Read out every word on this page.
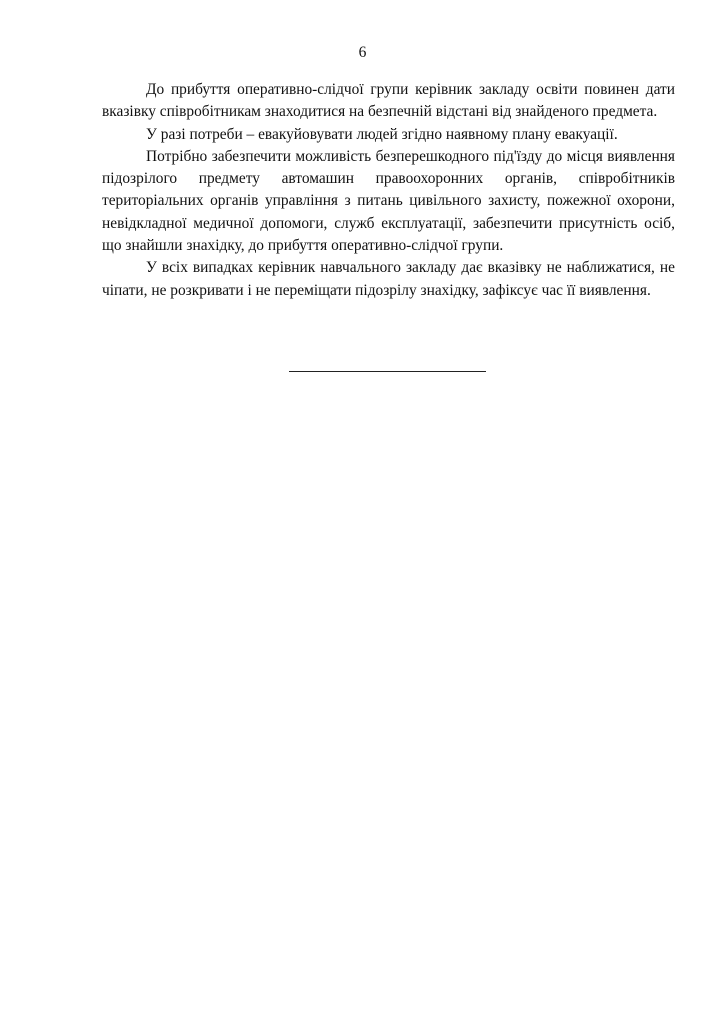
6

До прибуття оперативно-слідчої групи керівник закладу освіти повинен дати вказівку співробітникам знаходитися на безпечній відстані від знайденого предмета.

У разі потреби – евакуйовувати людей згідно наявному плану евакуації.

Потрібно забезпечити можливість безперешкодного під'їзду до місця виявлення підозрілого предмету автомашин правоохоронних органів, співробітників територіальних органів управління з питань цивільного захисту, пожежної охорони, невідкладної медичної допомоги, служб експлуатації, забезпечити присутність осіб, що знайшли знахідку, до прибуття оперативно-слідчої групи.

У всіх випадках керівник навчального закладу дає вказівку не наближатися, не чіпати, не розкривати і не переміщати підозрілу знахідку, зафіксує час її виявлення.
